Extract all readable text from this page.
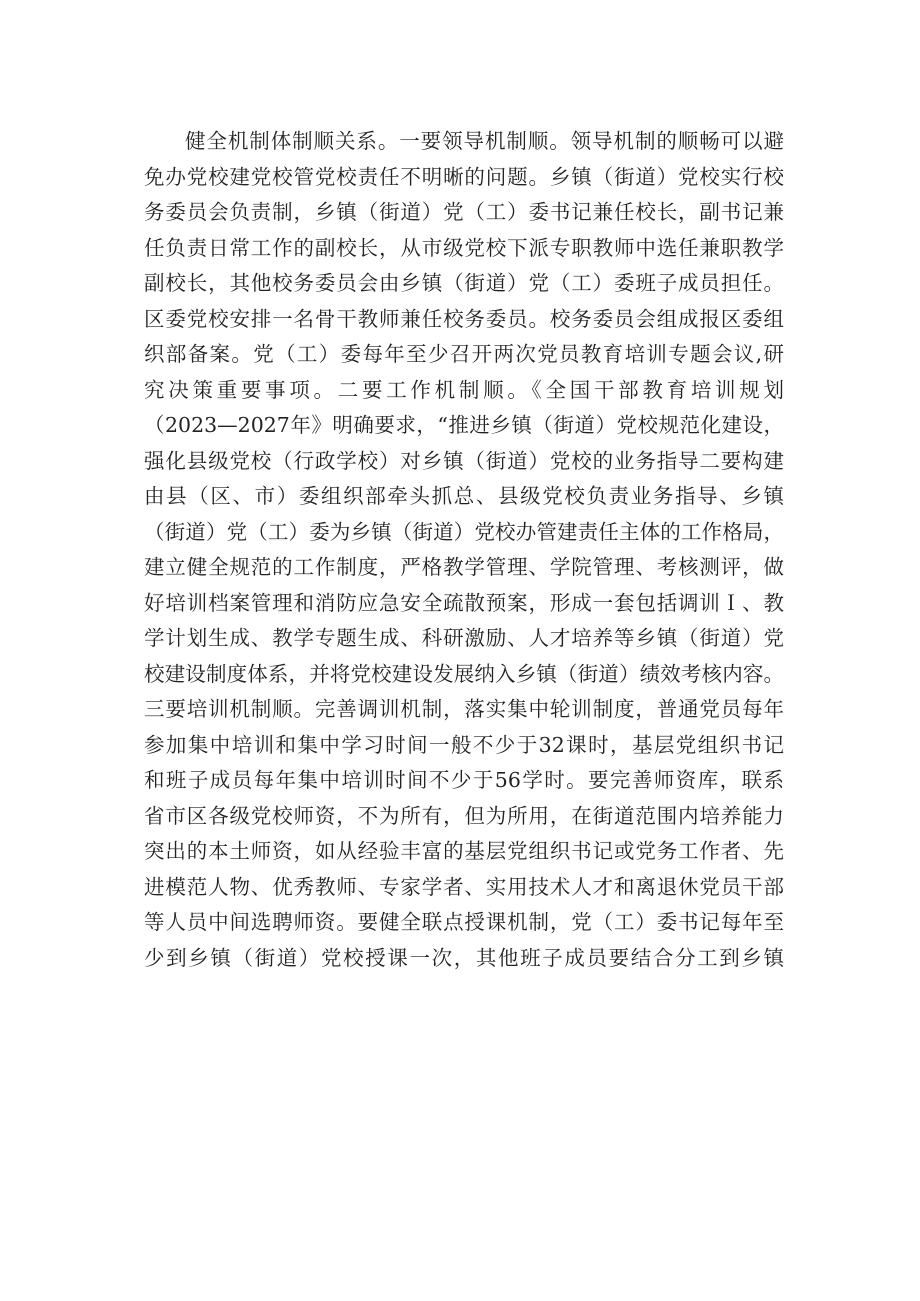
健全机制体制顺关系。一要领导机制顺。领导机制的顺畅可以避
免办党校建党校管党校责任不明晰的问题。乡镇（街道）党校实行校
务委员会负责制，乡镇（街道）党（工）委书记兼任校长，副书记兼
任负责日常工作的副校长，从市级党校下派专职教师中选任兼职教学
副校长，其他校务委员会由乡镇（街道）党（工）委班子成员担任。
区委党校安排一名骨干教师兼任校务委员。校务委员会组成报区委组
织部备案。党（工）委每年至少召开两次党员教育培训专题会议,研
究决策重要事项。二要工作机制顺。《全国干部教育培训规划
（2023—2027年》明确要求，“推进乡镇（街道）党校规范化建设，
强化县级党校（行政学校）对乡镇（街道）党校的业务指导二要构建
由县（区、市）委组织部牵头抓总、县级党校负责业务指导、乡镇
（街道）党（工）委为乡镇（街道）党校办管建责任主体的工作格局，
建立健全规范的工作制度，严格教学管理、学院管理、考核测评，做
好培训档案管理和消防应急安全疏散预案，形成一套包括调训Ｉ、教
学计划生成、教学专题生成、科研激励、人才培养等乡镇（街道）党
校建设制度体系，并将党校建设发展纳入乡镇（街道）绩效考核内容。
三要培训机制顺。完善调训机制，落实集中轮训制度，普通党员每年
参加集中培训和集中学习时间一般不少于32课时，基层党组织书记
和班子成员每年集中培训时间不少于56学时。要完善师资库，联系
省市区各级党校师资，不为所有，但为所用，在街道范围内培养能力
突出的本土师资，如从经验丰富的基层党组织书记或党务工作者、先
进模范人物、优秀教师、专家学者、实用技术人才和离退休党员干部
等人员中间选聘师资。要健全联点授课机制，党（工）委书记每年至
少到乡镇（街道）党校授课一次，其他班子成员要结合分工到乡镇
